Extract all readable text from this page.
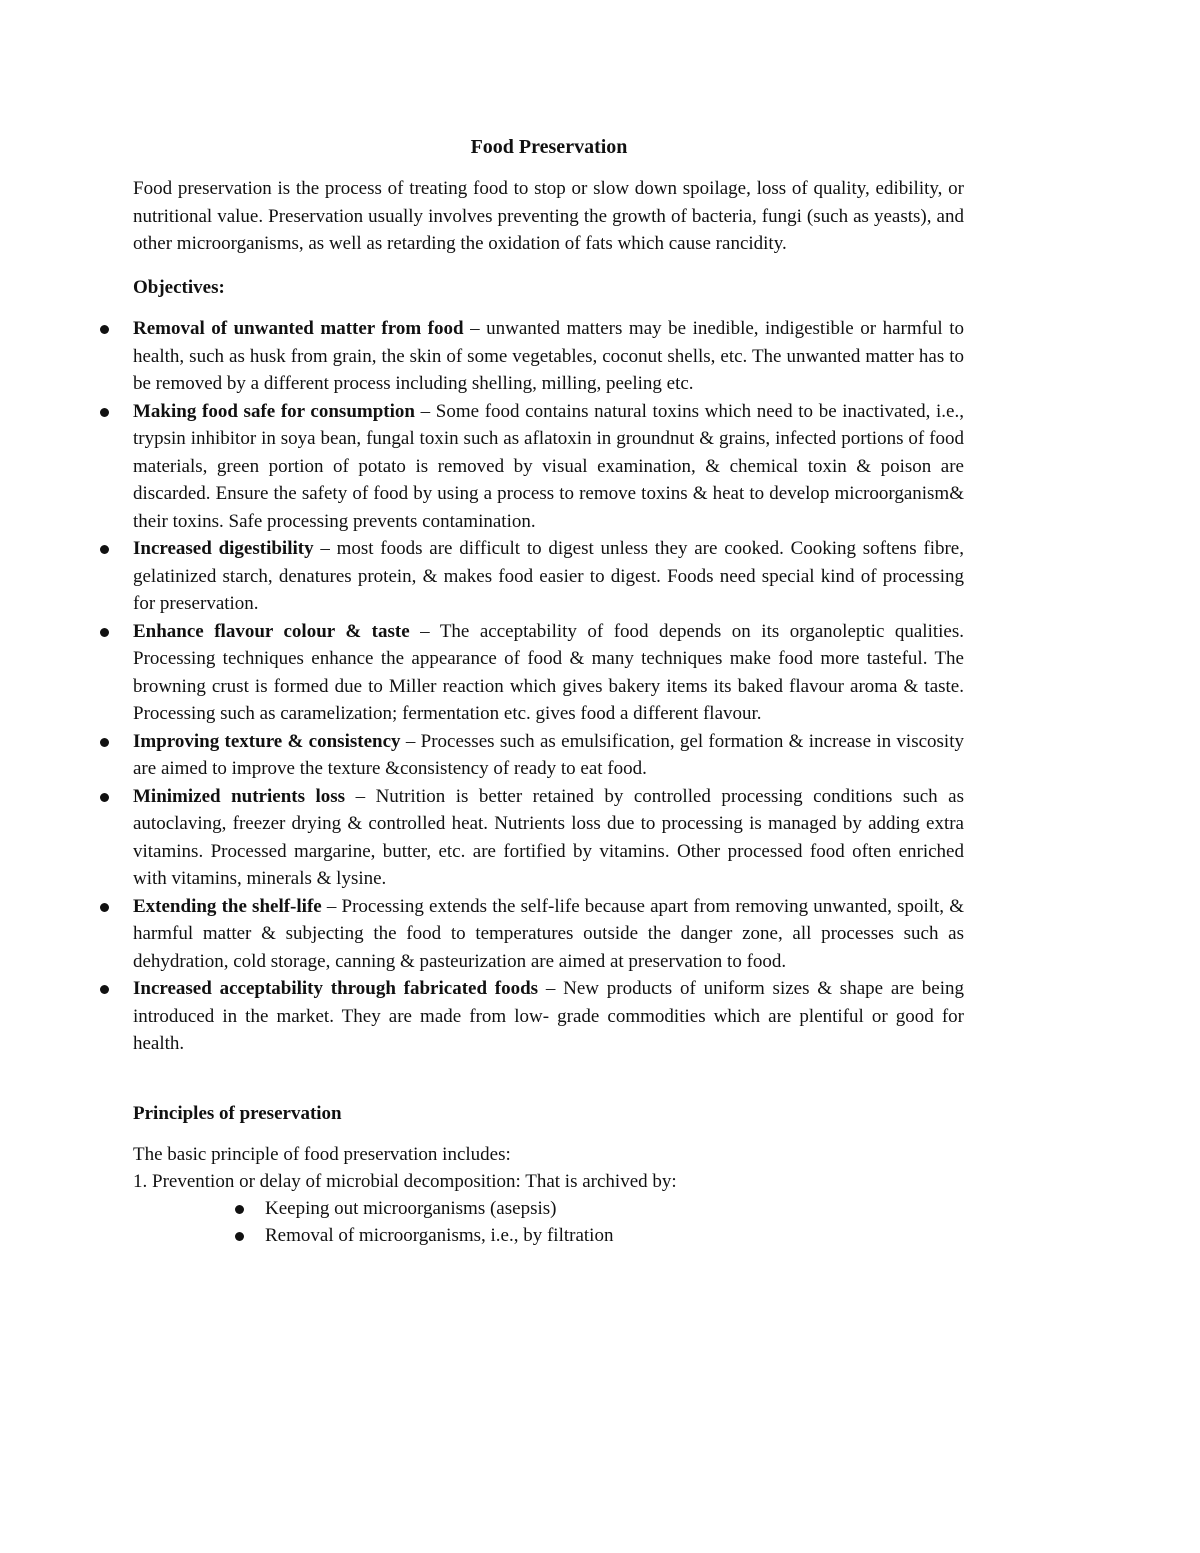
Food Preservation

Food preservation is the process of treating food to stop or slow down spoilage, loss of quality, edibility, or nutritional value. Preservation usually involves preventing the growth of bacteria, fungi (such as yeasts), and other microorganisms, as well as retarding the oxidation of fats which cause rancidity.

Objectives:

Removal of unwanted matter from food – unwanted matters may be inedible, indigestible or harmful to health, such as husk from grain, the skin of some vegetables, coconut shells, etc. The unwanted matter has to be removed by a different process including shelling, milling, peeling etc.
Making food safe for consumption – Some food contains natural toxins which need to be inactivated, i.e., trypsin inhibitor in soya bean, fungal toxin such as aflatoxin in groundnut & grains, infected portions of food materials, green portion of potato is removed by visual examination, & chemical toxin & poison are discarded. Ensure the safety of food by using a process to remove toxins & heat to develop microorganism& their toxins. Safe processing prevents contamination.
Increased digestibility – most foods are difficult to digest unless they are cooked. Cooking softens fibre, gelatinized starch, denatures protein, & makes food easier to digest. Foods need special kind of processing for preservation.
Enhance flavour colour & taste – The acceptability of food depends on its organoleptic qualities. Processing techniques enhance the appearance of food & many techniques make food more tasteful. The browning crust is formed due to Miller reaction which gives bakery items its baked flavour aroma & taste. Processing such as caramelization; fermentation etc. gives food a different flavour.
Improving texture & consistency – Processes such as emulsification, gel formation & increase in viscosity are aimed to improve the texture &consistency of ready to eat food.
Minimized nutrients loss – Nutrition is better retained by controlled processing conditions such as autoclaving, freezer drying & controlled heat. Nutrients loss due to processing is managed by adding extra vitamins. Processed margarine, butter, etc. are fortified by vitamins. Other processed food often enriched with vitamins, minerals & lysine.
Extending the shelf-life – Processing extends the self-life because apart from removing unwanted, spoilt, & harmful matter & subjecting the food to temperatures outside the danger zone, all processes such as dehydration, cold storage, canning & pasteurization are aimed at preservation to food.
Increased acceptability through fabricated foods – New products of uniform sizes & shape are being introduced in the market. They are made from low- grade commodities which are plentiful or good for health.

Principles of preservation

The basic principle of food preservation includes:
1. Prevention or delay of microbial decomposition: That is archived by:
Keeping out microorganisms (asepsis)
Removal of microorganisms, i.e., by filtration
